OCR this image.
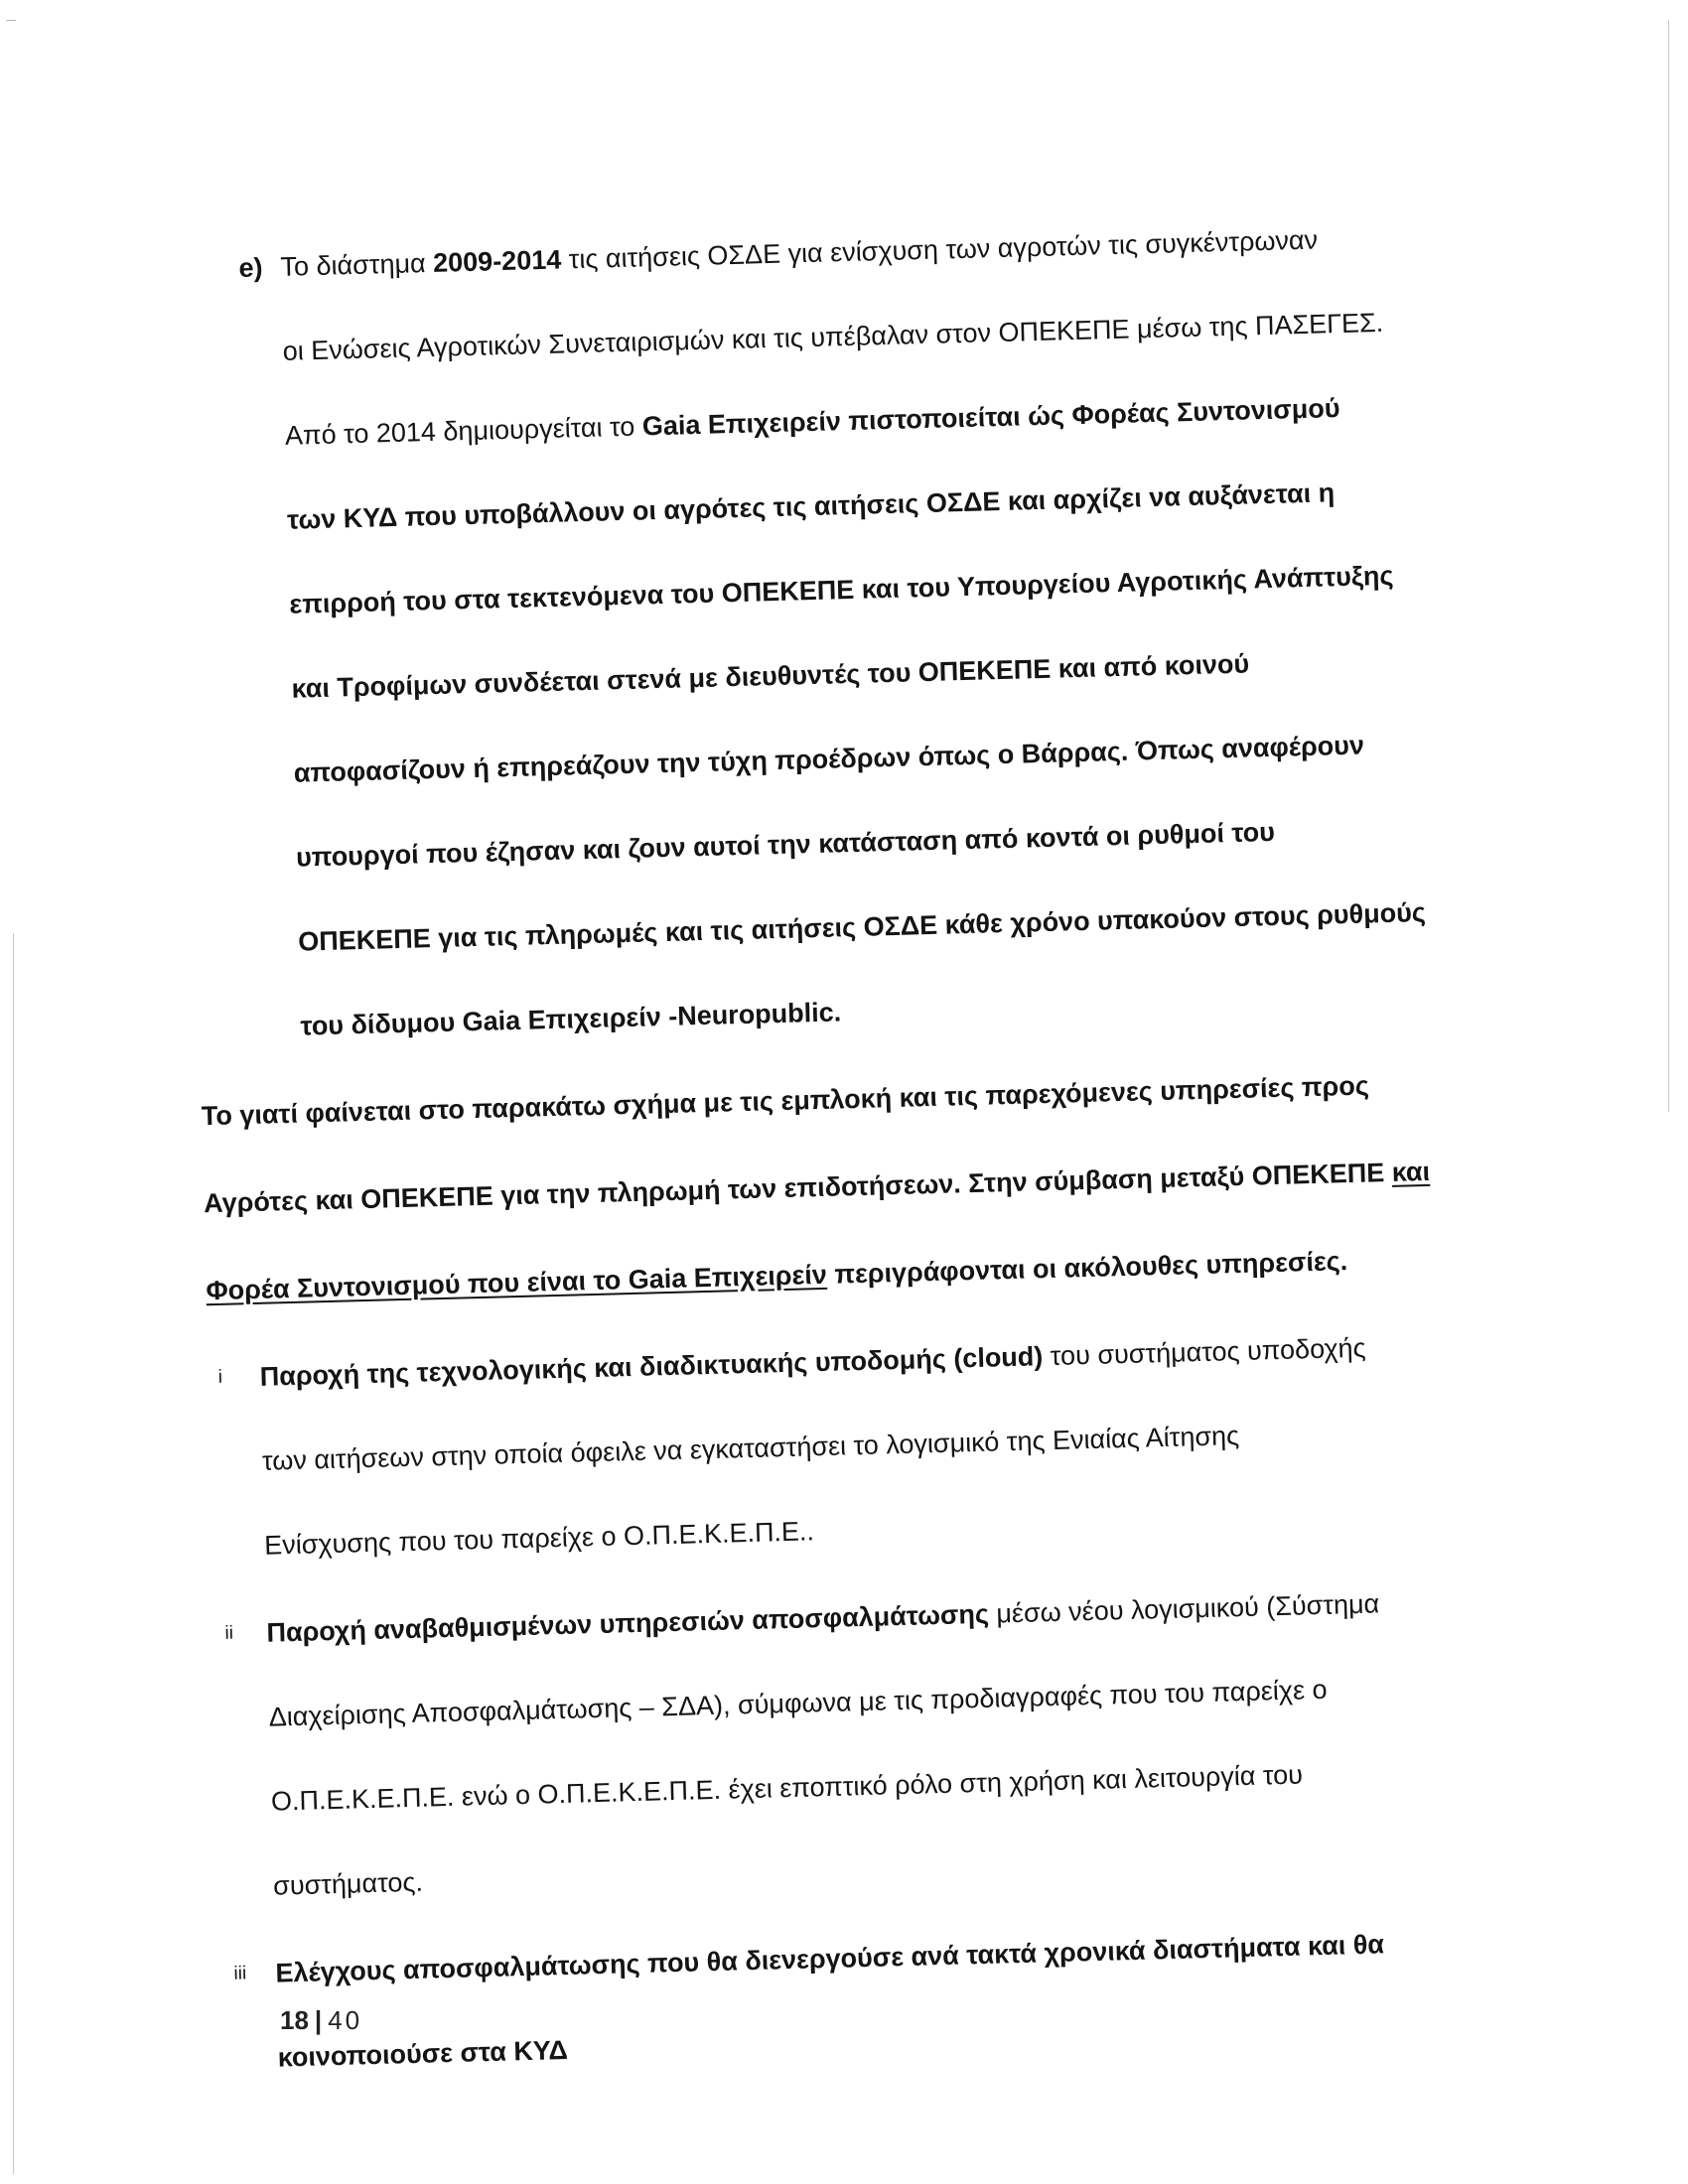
e) Το διάστημα 2009-2014 τις αιτήσεις ΟΣΔΕ για ενίσχυση των αγροτών τις συγκέντρωναν
οι Ενώσεις Αγροτικών Συνεταιρισμών και τις υπέβαλαν στον ΟΠΕΚΕΠΕ μέσω της ΠΑΣΕΓΕΣ.
Από το 2014 δημιουργείται το Gaia Επιχειρείν πιστοποιείται ώς Φορέας Συντονισμού
των ΚΥΔ που υποβάλλουν οι αγρότες τις αιτήσεις ΟΣΔΕ και αρχίζει να αυξάνεται η
επιρροή του στα τεκτενόμενα του ΟΠΕΚΕΠΕ και του Υπουργείου Αγροτικής Ανάπτυξης
και Τροφίμων συνδέεται στενά με διευθυντές του ΟΠΕΚΕΠΕ και από κοινού
αποφασίζουν ή επηρεάζουν την τύχη προέδρων όπως ο Βάρρας. Όπως αναφέρουν
υπουργοί που έζησαν και ζουν αυτοί την κατάσταση από κοντά οι ρυθμοί του
ΟΠΕΚΕΠΕ για τις πληρωμές και τις αιτήσεις ΟΣΔΕ κάθε χρόνο υπακούον στους ρυθμούς
του δίδυμου Gaia Επιχειρείν -Neuropublic.
Το γιατί φαίνεται στο παρακάτω σχήμα με τις εμπλοκή και τις παρεχόμενες υπηρεσίες προς
Αγρότες και ΟΠΕΚΕΠΕ για την πληρωμή των επιδοτήσεων. Στην σύμβαση μεταξύ ΟΠΕΚΕΠΕ και
Φορέα Συντονισμού που είναι το Gaia Επιχειρείν περιγράφονται οι ακόλουθες υπηρεσίες.
i	Παροχή της τεχνολογικής και διαδικτυακής υποδομής (cloud) του συστήματος υποδοχής
των αιτήσεων στην οποία όφειλε να εγκαταστήσει το λογισμικό της Ενιαίας Αίτησης
Ενίσχυσης που του παρείχε ο Ο.Π.Ε.Κ.Ε.Π.Ε..
ii	Παροχή αναβαθμισμένων υπηρεσιών αποσφαλμάτωσης μέσω νέου λογισμικού (Σύστημα
Διαχείρισης Αποσφαλμάτωσης – ΣΔΑ), σύμφωνα με τις προδιαγραφές που του παρείχε ο
Ο.Π.Ε.Κ.Ε.Π.Ε. ενώ ο Ο.Π.Ε.Κ.Ε.Π.Ε. έχει εποπτικό ρόλο στη χρήση και λειτουργία του
συστήματος.
iii	Ελέγχους αποσφαλμάτωσης που θα διενεργούσε ανά τακτά χρονικά διαστήματα και θα
κοινοποιούσε στα ΚΥΔ
18 | 40
